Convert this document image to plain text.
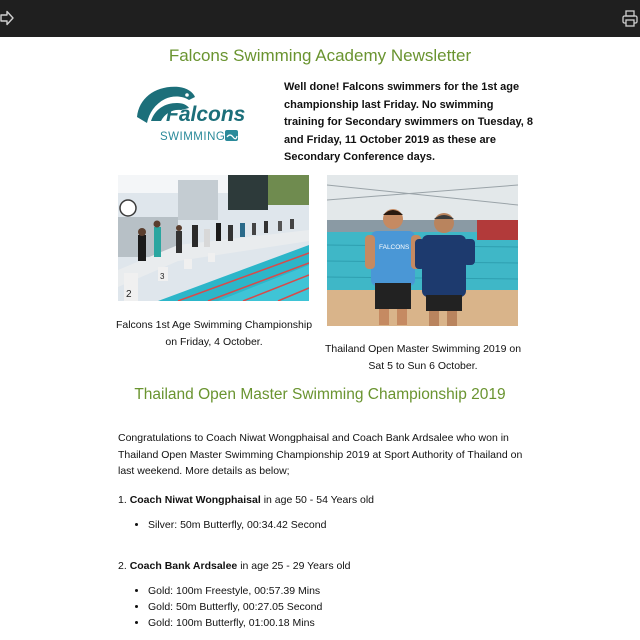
Falcons Swimming Academy Newsletter
Falcons
SWIMMING
Well done! Falcons swimmers for the 1st age championship last Friday. No swimming training for Secondary swimmers on Tuesday, 8 and Friday, 11 October 2019 as these are Secondary Conference days.
2
3
FALCONS
Falcons 1st Age Swimming Championship on Friday, 4 October.
Thailand Open Master Swimming 2019 on Sat 5 to Sun 6 October.
Thailand Open Master Swimming Championship 2019
Congratulations to Coach Niwat Wongphaisal and Coach Bank Ardsalee who won in Thailand Open Master Swimming Championship 2019 at Sport Authority of Thailand on last weekend. More details as below;
1. Coach Niwat Wongphaisal in age 50 - 54 Years old
• Silver: 50m Butterfly, 00:34.42 Second
2. Coach Bank Ardsalee in age 25 - 29 Years old
• Gold: 100m Freestyle, 00:57.39 Mins
• Gold: 50m Butterfly, 00:27.05 Second
• Gold: 100m Butterfly, 01:00.18 Mins
